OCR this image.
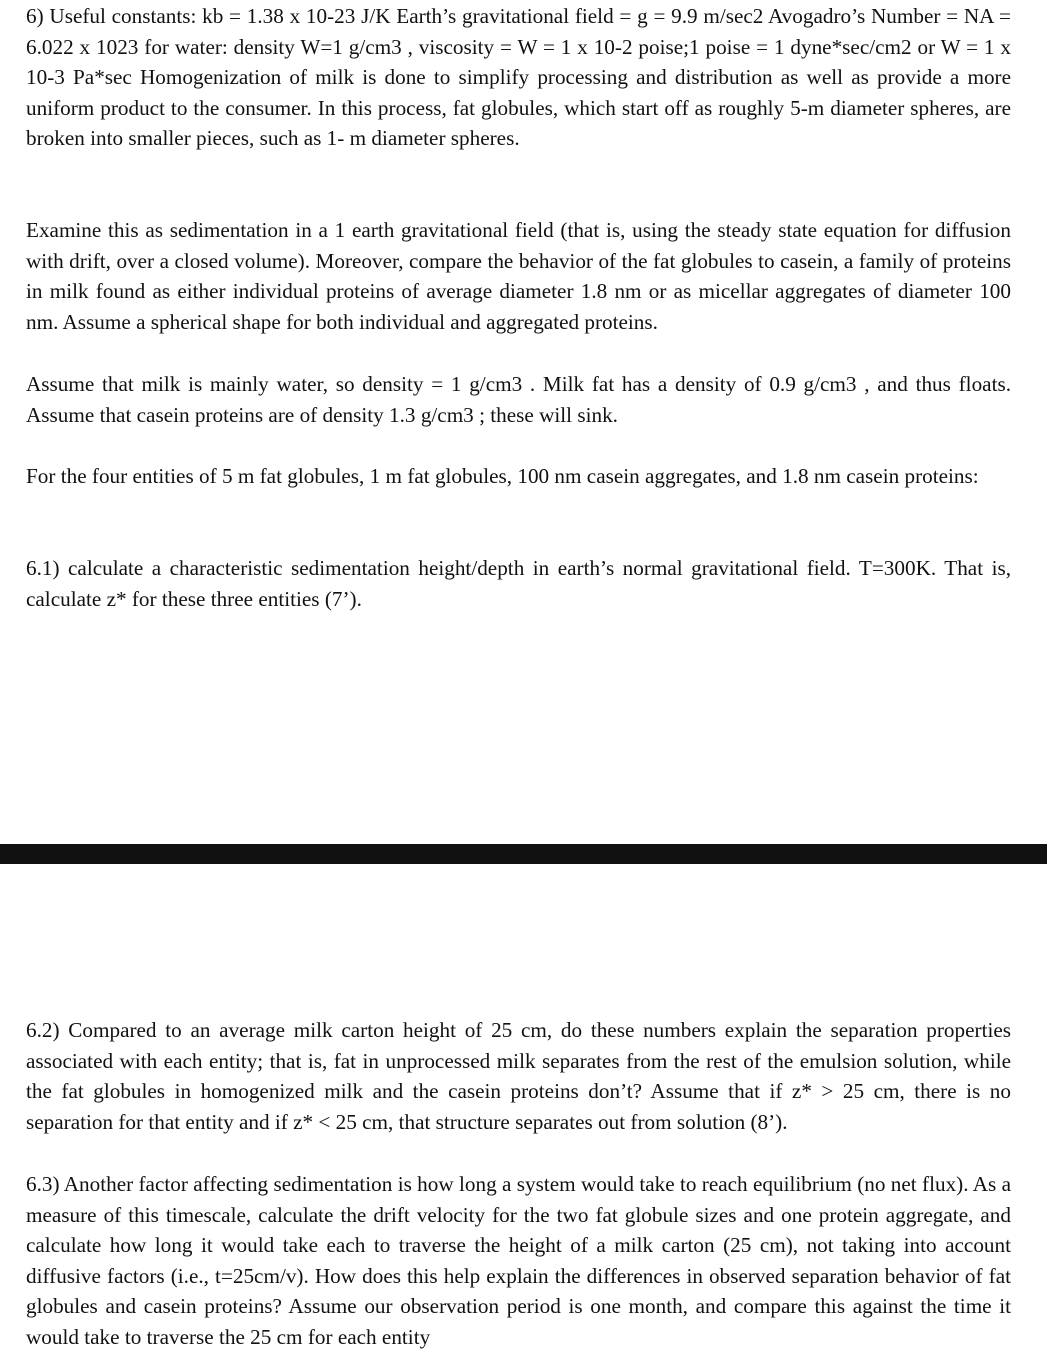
6) Useful constants: kb = 1.38 x 10-23 J/K Earth’s gravitational field = g = 9.9 m/sec2 Avogadro’s Number = NA = 6.022 x 1023 for water: density W=1 g/cm3 , viscosity = W = 1 x 10-2 poise;1 poise = 1 dyne*sec/cm2 or W = 1 x 10-3 Pa*sec Homogenization of milk is done to simplify processing and distribution as well as provide a more uniform product to the consumer. In this process, fat globules, which start off as roughly 5-m diameter spheres, are broken into smaller pieces, such as 1- m diameter spheres.
Examine this as sedimentation in a 1 earth gravitational field (that is, using the steady state equation for diffusion with drift, over a closed volume). Moreover, compare the behavior of the fat globules to casein, a family of proteins in milk found as either individual proteins of average diameter 1.8 nm or as micellar aggregates of diameter 100 nm. Assume a spherical shape for both individual and aggregated proteins.
Assume that milk is mainly water, so density = 1 g/cm3 . Milk fat has a density of 0.9 g/cm3 , and thus floats. Assume that casein proteins are of density 1.3 g/cm3 ; these will sink.
For the four entities of 5 m fat globules, 1 m fat globules, 100 nm casein aggregates, and 1.8 nm casein proteins:
6.1) calculate a characteristic sedimentation height/depth in earth’s normal gravitational field. T=300K. That is, calculate z* for these three entities (7’).
6.2) Compared to an average milk carton height of 25 cm, do these numbers explain the separation properties associated with each entity; that is, fat in unprocessed milk separates from the rest of the emulsion solution, while the fat globules in homogenized milk and the casein proteins don’t? Assume that if z* > 25 cm, there is no separation for that entity and if z* < 25 cm, that structure separates out from solution (8’).
6.3) Another factor affecting sedimentation is how long a system would take to reach equilibrium (no net flux). As a measure of this timescale, calculate the drift velocity for the two fat globule sizes and one protein aggregate, and calculate how long it would take each to traverse the height of a milk carton (25 cm), not taking into account diffusive factors (i.e., t=25cm/v). How does this help explain the differences in observed separation behavior of fat globules and casein proteins? Assume our observation period is one month, and compare this against the time it would take to traverse the 25 cm for each entity
